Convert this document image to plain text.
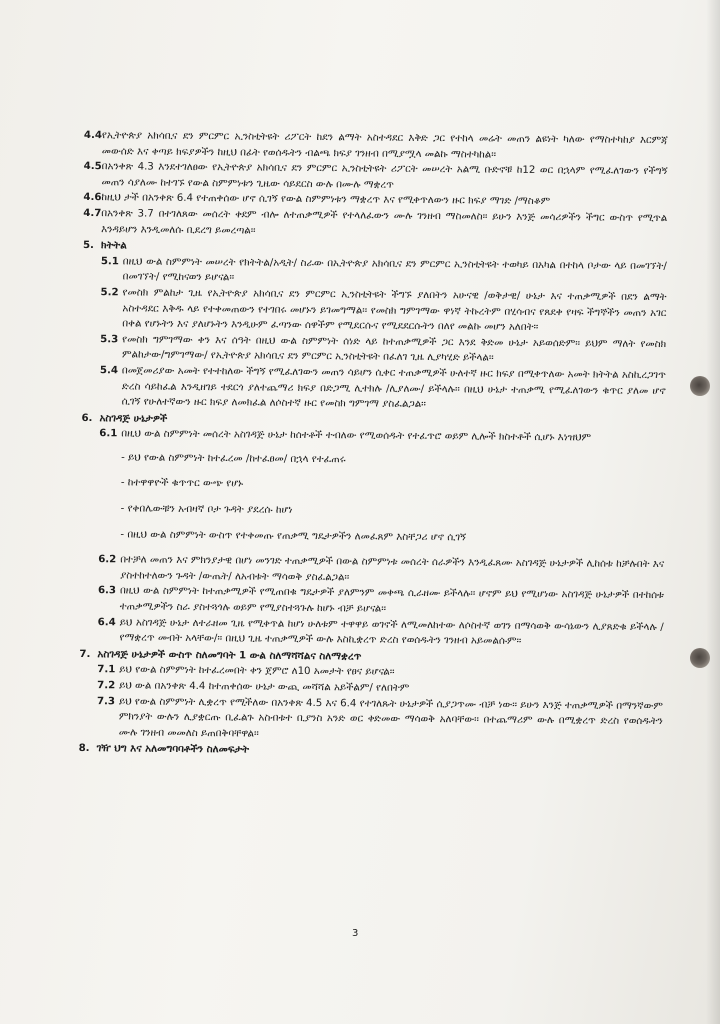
4.4 የኢትዮጵያ አክሳቢና ደን ምርምር ኢንስቲትዩት ሪፖርት ከደን ልማት አስተዳደር እቅድ ጋር የተከላ መሬት መጠን ልዩነት ካለው የማስተካከያ እርምጃ መውሰድ እና ቀጣይ ክፍያዎችን ከዚህ በፊት የወሰዱትን ብልጫ ክፍያ ገንዘብ በሚያሟላ መልኩ ማስተካከል፡፡
4.5 በአንቀጽ 4.3 እንደተገለፀው የኢትዮጵያ አክሳቢና ደን ምርምር ኢንስቲትዩት ሪፖርት መሠረት አልሚ ቡድኖቹ ከ12 ወር በኋላም የሚፈለገውን የችግኝ መጠን ሳያለሙ ከተገኙ የውል ስምምነቱን ጊዜው ሳይደርስ ውሉ በሙሉ ማቋረጥ
4.6 ከዚህ ታች በአንቀጽ 6.4 የተጠቀሰው ሆኖ ሲገኝ የውል ስምምነቱን ማቋረጥ እና የሚቀጥለውን ዙር ክፍያ ማገድ /ማስቆም
4.7 በአንቀጽ 3.7 በተገለጸው መሰረት ቀደም ብሎ ለተጠቃሚዎች የተላለፈውን ሙሉ ገንዘብ ማስመለስ፡፡ ይሁን እንጅ መሳሪዎችን ችግር ውስጥ የሚጥል እንዳይሆን እንዲመለሱ ቢደረግ ይመረጣል፡፡
5. ክትትል
5.1 በዚህ ውል ስምምነት መሠረት የክትትል/አዲት/ ስራው በኢትዮጵያ አክሳቢና ደን ምርምር ኢንስቲትዩት ተወካይ በአካል በተከላ ቦታው ላይ በመገኘት/በመገኘት/ የሚከናወን ይሆናል፡፡
5.2 የመስክ ምልከታ ጊዜ የኢትዮጵያ አክሳቢና ደን ምርምር ኢንስቲትዩት ችግኙ ያለበትን አሁናዊ /ወቅታዊ/ ሁኔታ እና ተጠቃሚዎች በደን ልማት አስተዳደር እቅዱ ላይ የተቀመጠውን የተገበሩ መሆኑን ይገመግማል፡፡ የመስክ ግምገማው ዋነኛ ትኩረትም በሂሳብና የጸደቀ የዛፍ ችግኞችን መጠን አገር በቀል የሆኑትን እና ያለሆኑትን እንዲሁም ፈጣንው ሰዋችም የሚደርሱና የሚደደርሱትን በለየ መልኩ መሆን አለበት፡፡
5.3 የመስክ ግምገማው ቀን እና ሰዓት በዚህ ውል ስምምነት ሰነድ ላይ ከተጠቃሚዎች ጋር እንደ ቅድመ ሁኔታ አይወሰድም፡፡ ይህም ማለት የመስክ ምልከታው/ግምገማው/ የኢትዮጵያ አክሳቢና ደን ምርምር ኢንስቲትዩት በፈለገ ጊዜ ሊያካሂድ ይችላል፡፡
5.4 በመጀመሪያው አመት የተተከለው ችግኝ የሚፈለገውን መጠን ሳይሆን ሲቀር ተጠቃሚዎች ሁለተኛ ዙር ክፍያ በሚቀጥለው አመት ክትትል አስኪረጋገጥ ድረስ ሳይከፈል እንዲዘገይ ተደርጎ ያለተጨማሪ ክፍያ በድጋሚ ሊተክሉ /ሊያለሙ/ ይችላሉ፡፡ በዚህ ሁኔታ ተጠቃሚ የሚፈለገውን ቁጥር ያለመ ሆኖ ሲገኝ የሁለተኛውን ዙር ክፍያ ለመክፈል ለሶስተኛ ዙር የመስክ ግምገማ ያስፈልጋል፡፡
6. አስገዳጅ ሁኔታዎች
6.1 በዚህ ውል ስምምነት መሰረት አስገዳጅ ሁኔታ ከሰተቶች ተብለው የሚወሰዱት የተፈጥሮ ወይም ሊሎች ክስተቶች ሲሆኑ እነዝህም
- ይህ የውል ስምምነት ከተፈረመ /ከተፈፀመ/ በኋላ የተፈጠሩ
- ከተዋዋዮች ቁጥጥር ውጭ የሆኑ
- የቀበሌውቹን አብዛኛ ቦታ ጉዳት ያደረሱ ከሆነ
- በዚህ ውል ስምምነት ውስጥ የተቀመጡ የጠቃሚ ግዴታዎችን ለመፈጸም እስቸጋሪ ሆኖ ሲገኝ
6.2 በተቻለ መጠን እና ምክንያታዊ በሆነ መንገድ ተጠቃሚዎች በውል ስምምነቱ መሰረት ሰራዎችን እንዲፈጸሙ አስገዳጅ ሁኔታዎች ሊከሰቱ ከቻሉበት እና ያስተከተለውን ጉዳት /ውጤት/ ለአብቱት ማሳወቅ ያስፈልጋል፡፡
6.3 በዚህ ውል ስምምነት ከተጠቃሚዎች የሚጠበቁ ግዴታዎች ያለምንም መቀጫ ሲራዘሙ ይችላሉ፡፡ ሆኖም ይህ የሚሆነው አስገዳጅ ሁኔታዎች በተከሰቱ ተጠቃሚዎችን ስራ ያስተጓጎሉ ወይም የሚያስተጓጉሉ ከሆኑ ብቻ ይሆናል፡፡
6.4 ይህ አስገዳጅ ሁኔታ ለተራዘመ ጊዜ የሚቀጥል ከሆነ ሁለቱም ተዋዋይ ወገኖች ለሚመለከተው ለሶስተኛ ወገን በማሳወቅ ውሳኔውን ሊያጸድቁ ይችላሉ /የማቋረጥ መብት አላቸው/፡፡ በዚህ ጊዜ ተጠቃሚዎች ውሉ እስኪቋረጥ ድረስ የወሰዱትን ገንዘብ አይመልሱም፡፡
7. አስገዳጅ ሁኔታዎች ውስጥ ስለመግባት 1 ውል ስለማሻሻልና ስለማቋረጥ
7.1 ይህ የውል ስምምነት ከተፈረመበት ቀን ጀምሮ ለ10 አመታት የፀና ይሆናል፡፡
7.2 ይህ ውል በአንቀጽ 4.4 ከተጠቀሰው ሁኔታ ውጪ መሻሻል አይችልም/ የለበትም
7.3 ይህ የውል ስምምነት ሊቋረጥ የሚችለው በአንቀጽ 4.5 እና 6.4 የተገለጹት ሁኔታዎች ሲያጋጥሙ ብቻ ነው፡፡ ይሁን እንጅ ተጠቃሚዎች በማንኛውም ምክንያት ውሉን ሊያቋርጡ ቢፈልጉ አስብቱተ ቢያንስ አንድ ወር ቀድመው ማሳወቅ አለባቸው፡፡ በተጨማሪም ውሉ በሚቋረጥ ድረስ የወሰዱትን ሙሉ ገንዘብ መመለስ ይጠበቅባቸዋል፡፡
8. ገዥ ህግ እና አለመግባባቶችን ስለመፍታት
3
